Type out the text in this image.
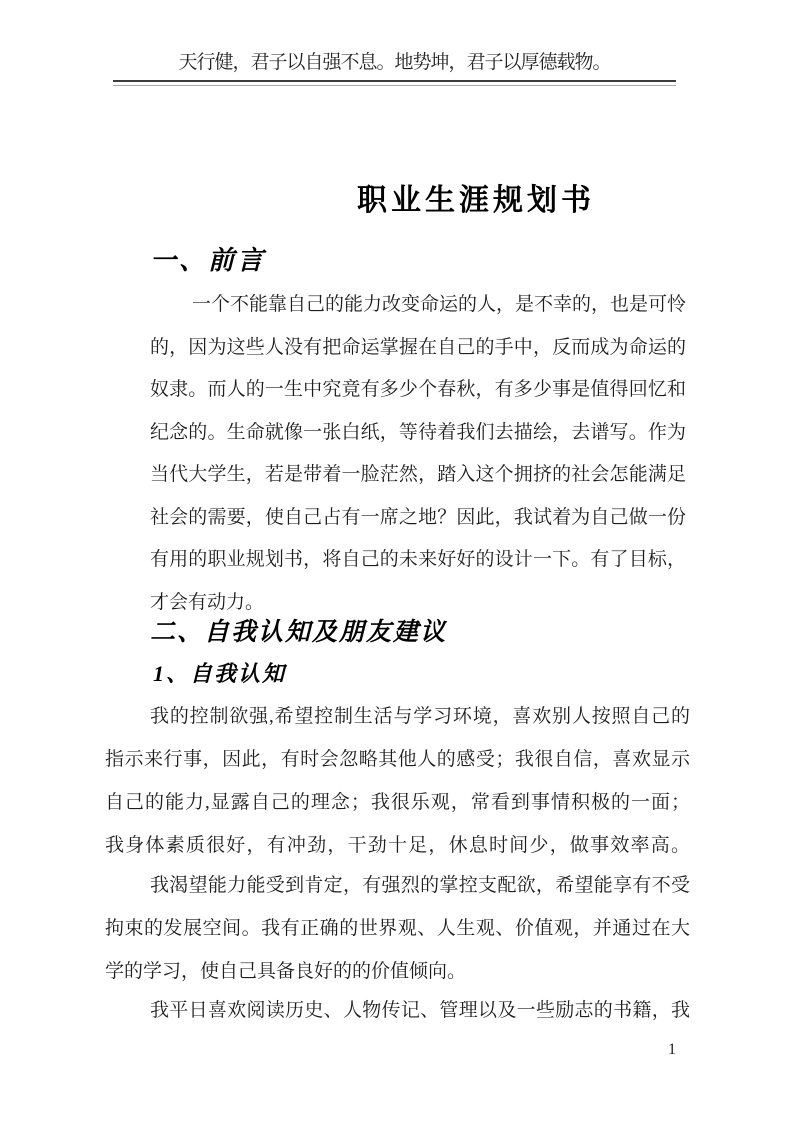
天行健，君子以自强不息。地势坤，君子以厚德载物。
职业生涯规划书
一、前言
一个不能靠自己的能力改变命运的人，是不幸的，也是可怜
的，因为这些人没有把命运掌握在自己的手中，反而成为命运的
奴隶。而人的一生中究竟有多少个春秋，有多少事是值得回忆和
纪念的。生命就像一张白纸，等待着我们去描绘，去谱写。作为
当代大学生，若是带着一脸茫然，踏入这个拥挤的社会怎能满足
社会的需要，使自己占有一席之地？因此，我试着为自己做一份
有用的职业规划书，将自己的未来好好的设计一下。有了目标，
才会有动力。
二、自我认知及朋友建议
1、自我认知
我的控制欲强,希望控制生活与学习环境，喜欢别人按照自己的
指示来行事，因此，有时会忽略其他人的感受；我很自信，喜欢显示
自己的能力,显露自己的理念；我很乐观，常看到事情积极的一面；
我身体素质很好，有冲劲，干劲十足，休息时间少，做事效率高。
我渴望能力能受到肯定，有强烈的掌控支配欲，希望能享有不受
拘束的发展空间。我有正确的世界观、人生观、价值观，并通过在大
学的学习，使自己具备良好的的价值倾向。
我平日喜欢阅读历史、人物传记、管理以及一些励志的书籍，我
1
